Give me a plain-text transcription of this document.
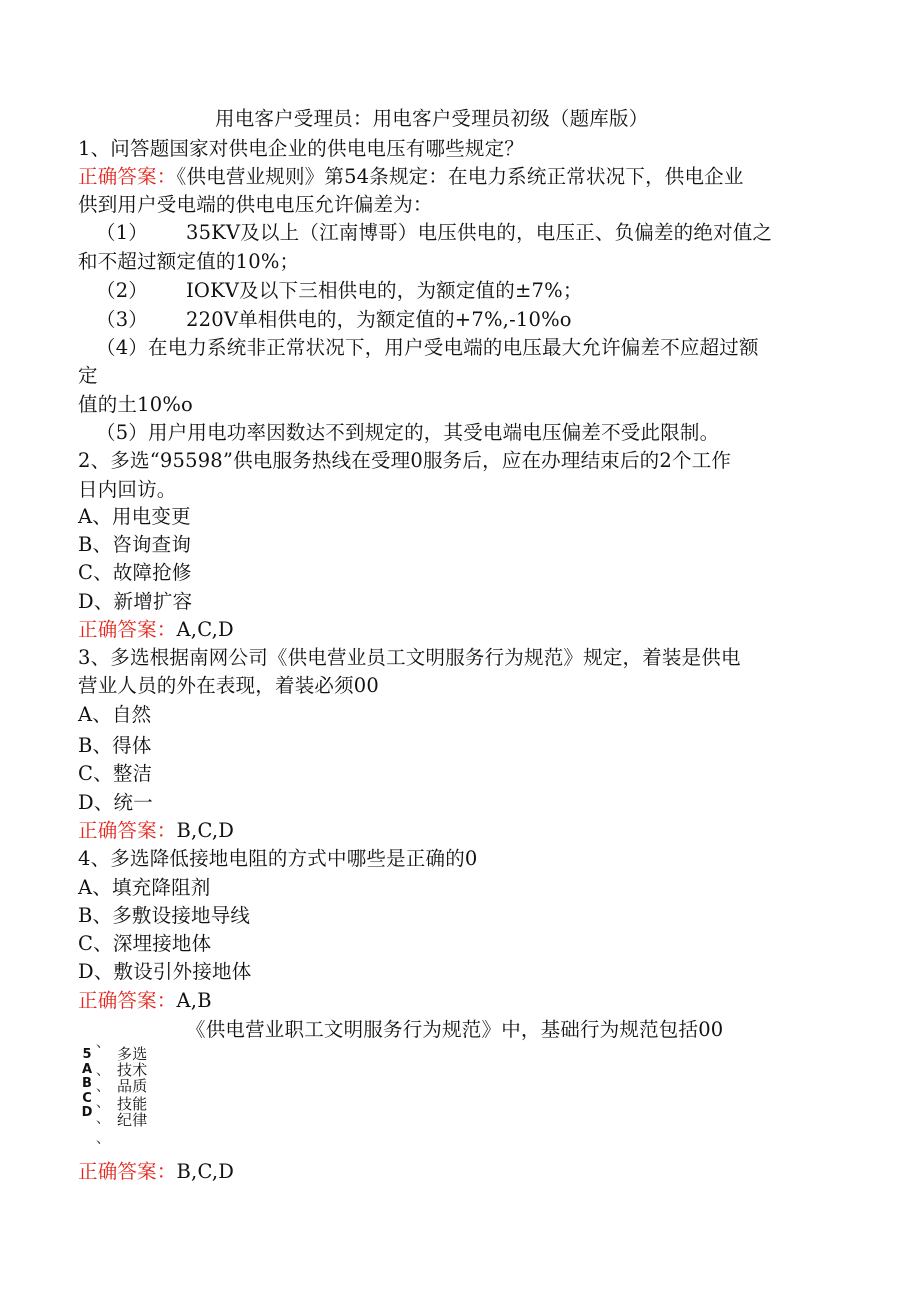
用电客户受理员：用电客户受理员初级（题库版）
1、问答题国家对供电企业的供电电压有哪些规定？
正确答案：《供电营业规则》第54条规定：在电力系统正常状况下，供电企业
供到用户受电端的供电电压允许偏差为：
（1） 35KV及以上（江南博哥）电压供电的，电压正、负偏差的绝对值之
和不超过额定值的10%；
（2） IOKV及以下三相供电的，为额定值的±7%；
（3） 220V单相供电的，为额定值的+7%,-10%o
（4）在电力系统非正常状况下，用户受电端的电压最大允许偏差不应超过额
定
值的土10%o
（5）用户用电功率因数达不到规定的，其受电端电压偏差不受此限制。
2、多选“95598”供电服务热线在受理0服务后，应在办理结束后的2个工作
日内回访。
A、用电变更
B、咨询查询
C、故障抢修
D、新增扩容
正确答案：A,C,D
3、多选根据南网公司《供电营业员工文明服务行为规范》规定，着装是供电
营业人员的外在表现，着装必须00
A、自然
B、得体
C、整洁
D、统一
正确答案：B,C,D
4、多选降低接地电阻的方式中哪些是正确的0
A、填充降阻剂
B、多敷设接地导线
C、深埋接地体
D、敷设引外接地体
正确答案：A,B
《供电营业职工文明服务行为规范》中，基础行为规范包括00
、
5
A
B
C
D
、
、
、
、
、
多选
技术
品质
技能
纪律
正确答案：B,C,D
